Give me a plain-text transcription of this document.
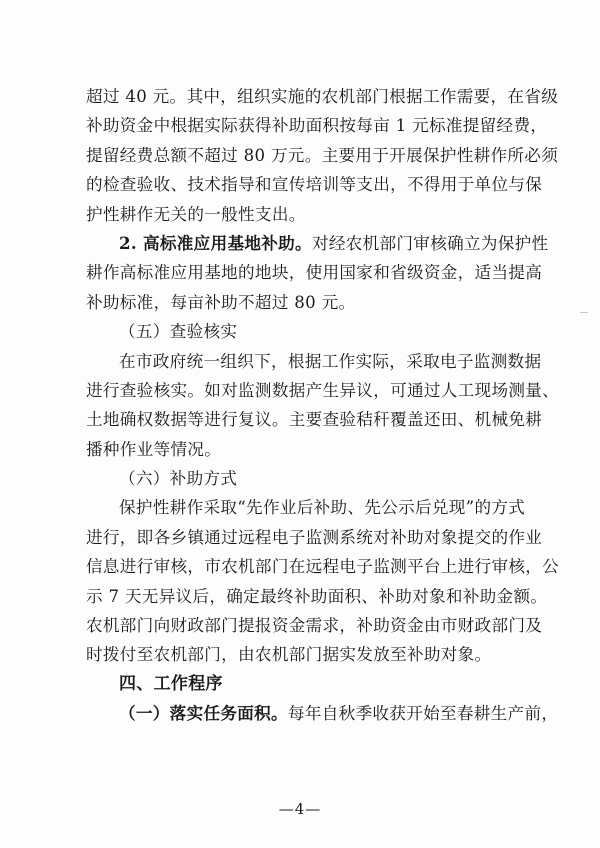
超过 40 元。其中，组织实施的农机部门根据工作需要，在省级
补助资金中根据实际获得补助面积按每亩 1 元标准提留经费，
提留经费总额不超过 80 万元。主要用于开展保护性耕作所必须
的检查验收、技术指导和宣传培训等支出，不得用于单位与保
护性耕作无关的一般性支出。
2. 高标准应用基地补助。对经农机部门审核确立为保护性
耕作高标准应用基地的地块，使用国家和省级资金，适当提高
补助标准，每亩补助不超过 80 元。
（五）查验核实
在市政府统一组织下，根据工作实际，采取电子监测数据
进行查验核实。如对监测数据产生异议，可通过人工现场测量、
土地确权数据等进行复议。主要查验秸秆覆盖还田、机械免耕
播种作业等情况。
（六）补助方式
保护性耕作采取“先作业后补助、先公示后兑现”的方式
进行，即各乡镇通过远程电子监测系统对补助对象提交的作业
信息进行审核，市农机部门在远程电子监测平台上进行审核，公
示 7 天无异议后，确定最终补助面积、补助对象和补助金额。
农机部门向财政部门提报资金需求，补助资金由市财政部门及
时拨付至农机部门，由农机部门据实发放至补助对象。
四、工作程序
（一）落实任务面积。每年自秋季收获开始至春耕生产前，
—4—
